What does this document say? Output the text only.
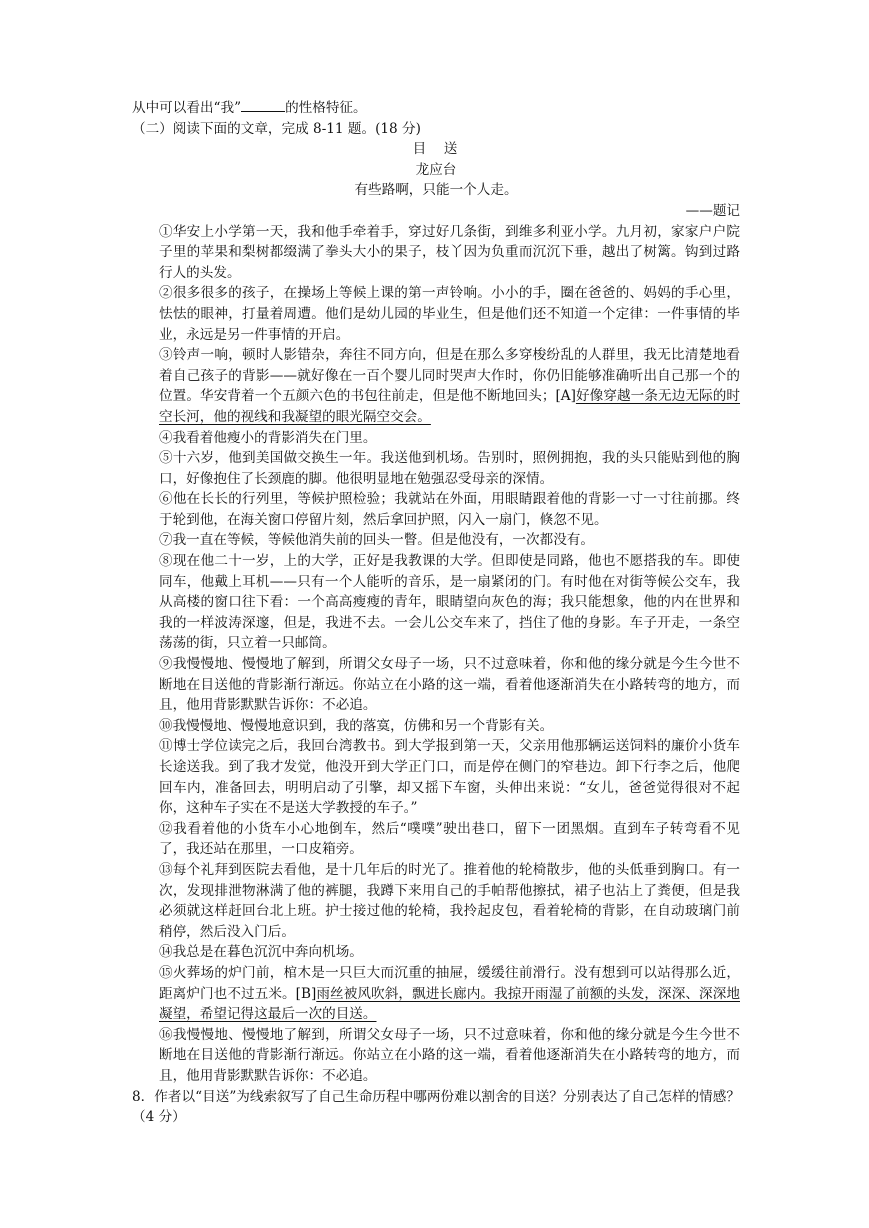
从中可以看出“我”	的性格特征。
（二）阅读下面的文章，完成 8-11 题。(18 分)
目　送
龙应台
有些路啊，只能一个人走。
——题记

①华安上小学第一天，我和他手牵着手，穿过好几条街，到维多利亚小学。九月初，家家户户院子里的苹果和梨树都缀满了拳头大小的果子，枝丫因为负重而沉沉下垂，越出了树篱。钩到过路行人的头发。

②很多很多的孩子，在操场上等候上课的第一声铃响。小小的手，圈在爸爸的、妈妈的手心里，怯怯的眼神，打量着周遭。他们是幼儿园的毕业生，但是他们还不知道一个定律：一件事情的毕业，永远是另一件事情的开启。

③铃声一响，顿时人影错杂，奔往不同方向，但是在那么多穿梭纷乱的人群里，我无比清楚地看着自己孩子的背影——就好像在一百个婴儿同时哭声大作时，你仍旧能够准确听出自己那一个的位置。华安背着一个五颜六色的书包往前走，但是他不断地回头；[A]好像穿越一条无边无际的时空长河，他的视线和我凝望的眼光隔空交会。

④我看着他瘦小的背影消失在门里。

⑤十六岁，他到美国做交换生一年。我送他到机场。告别时，照例拥抱，我的头只能贴到他的胸口，好像抱住了长颈鹿的脚。他很明显地在勉强忍受母亲的深情。

⑥他在长长的行列里，等候护照检验；我就站在外面，用眼睛跟着他的背影一寸一寸往前挪。终于轮到他，在海关窗口停留片刻，然后拿回护照，闪入一扇门，倏忽不见。

⑦我一直在等候，等候他消失前的回头一瞥。但是他没有，一次都没有。

⑧现在他二十一岁，上的大学，正好是我教课的大学。但即使是同路，他也不愿搭我的车。即使同车，他戴上耳机——只有一个人能听的音乐，是一扇紧闭的门。有时他在对街等候公交车，我从高楼的窗口往下看：一个高高瘦瘦的青年，眼睛望向灰色的海；我只能想象，他的内在世界和我的一样波涛深邃，但是，我进不去。一会儿公交车来了，挡住了他的身影。车子开走，一条空荡荡的街，只立着一只邮筒。

⑨我慢慢地、慢慢地了解到，所谓父女母子一场，只不过意味着，你和他的缘分就是今生今世不断地在目送他的背影渐行渐远。你站立在小路的这一端，看着他逐渐消失在小路转弯的地方，而且，他用背影默默告诉你：不必追。

⑩我慢慢地、慢慢地意识到，我的落寞，仿佛和另一个背影有关。

⑪博士学位读完之后，我回台湾教书。到大学报到第一天，父亲用他那辆运送饲料的廉价小货车长途送我。到了我才发觉，他没开到大学正门口，而是停在侧门的窄巷边。卸下行李之后，他爬回车内，准备回去，明明启动了引擎，却又摇下车窗，头伸出来说：“女儿，爸爸觉得很对不起你，这种车子实在不是送大学教授的车子。”

⑫我看着他的小货车小心地倒车，然后“噗噗”驶出巷口，留下一团黑烟。直到车子转弯看不见了，我还站在那里，一口皮箱旁。

⑬每个礼拜到医院去看他，是十几年后的时光了。推着他的轮椅散步，他的头低垂到胸口。有一次，发现排泄物淋满了他的裤腿，我蹲下来用自己的手帕帮他擦拭，裙子也沾上了粪便，但是我必须就这样赶回台北上班。护士接过他的轮椅，我拎起皮包，看着轮椅的背影，在自动玻璃门前稍停，然后没入门后。

⑭我总是在暮色沉沉中奔向机场。

⑮火葬场的炉门前，棺木是一只巨大而沉重的抽屉，缓缓往前滑行。没有想到可以站得那么近，距离炉门也不过五米。[B]雨丝被风吹斜，飘进长廊内。我掠开雨湿了前额的头发，深深、深深地凝望，希望记得这最后一次的目送。

⑯我慢慢地、慢慢地了解到，所谓父女母子一场，只不过意味着，你和他的缘分就是今生今世不断地在目送他的背影渐行渐远。你站立在小路的这一端，看着他逐渐消失在小路转弯的地方，而且，他用背影默默告诉你：不必追。

8．作者以“目送”为线索叙写了自己生命历程中哪两份难以割舍的目送？分别表达了自己怎样的情感？（4 分）
